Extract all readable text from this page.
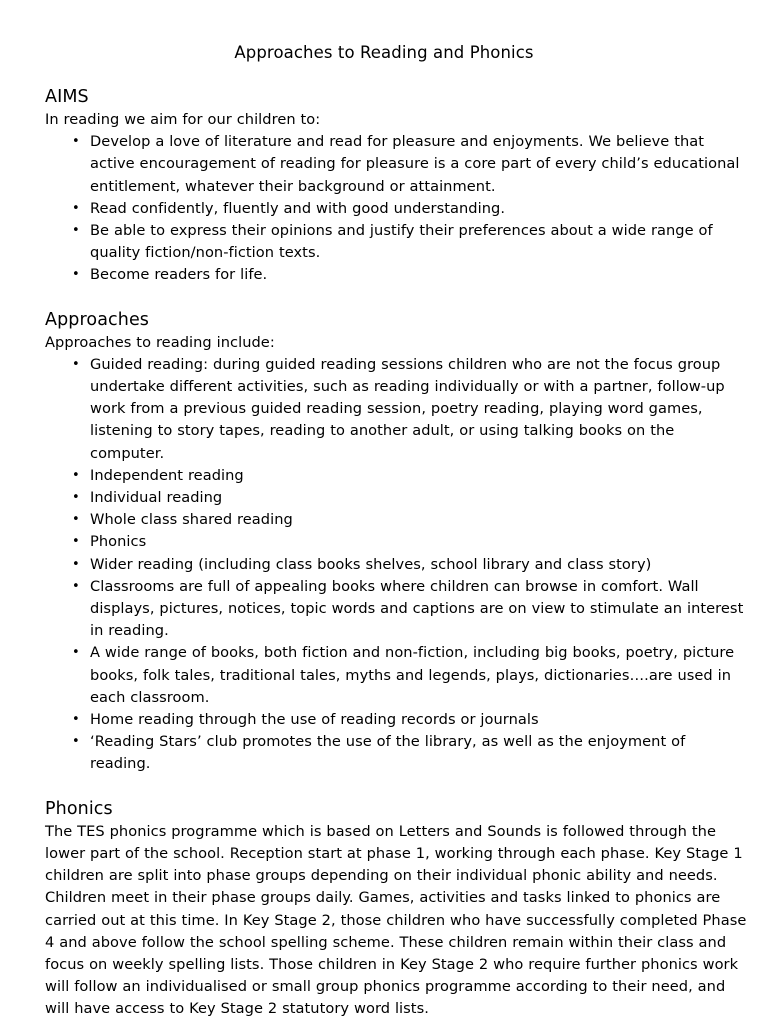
Approaches to Reading and Phonics
AIMS

In reading we aim for our children to:

• Develop a love of literature and read for pleasure and enjoyments. We believe that active encouragement of reading for pleasure is a core part of every child’s educational entitlement, whatever their background or attainment.
• Read confidently, fluently and with good understanding.
• Be able to express their opinions and justify their preferences about a wide range of quality fiction/non-fiction texts.
• Become readers for life.
Approaches

Approaches to reading include:

• Guided reading: during guided reading sessions children who are not the focus group undertake different activities, such as reading individually or with a partner, follow-up work from a previous guided reading session, poetry reading, playing word games, listening to story tapes, reading to another adult, or using talking books on the computer.
• Independent reading
• Individual reading
• Whole class shared reading
• Phonics
• Wider reading (including class books shelves, school library and class story)
• Classrooms are full of appealing books where children can browse in comfort. Wall displays, pictures, notices, topic words and captions are on view to stimulate an interest in reading.
• A wide range of books, both fiction and non-fiction, including big books, poetry, picture books, folk tales, traditional tales, myths and legends, plays, dictionaries….are used in each classroom.
• Home reading through the use of reading records or journals
• ‘Reading Stars’ club promotes the use of the library, as well as the enjoyment of reading.
Phonics

The TES phonics programme which is based on Letters and Sounds is followed through the lower part of the school. Reception start at phase 1, working through each phase. Key Stage 1 children are split into phase groups depending on their individual phonic ability and needs. Children meet in their phase groups daily. Games, activities and tasks linked to phonics are carried out at this time. In Key Stage 2, those children who have successfully completed Phase 4 and above follow the school spelling scheme. These children remain within their class and focus on weekly spelling lists. Those children in Key Stage 2 who require further phonics work will follow an individualised or small group phonics programme according to their need, and will have access to Key Stage 2 statutory word lists.
